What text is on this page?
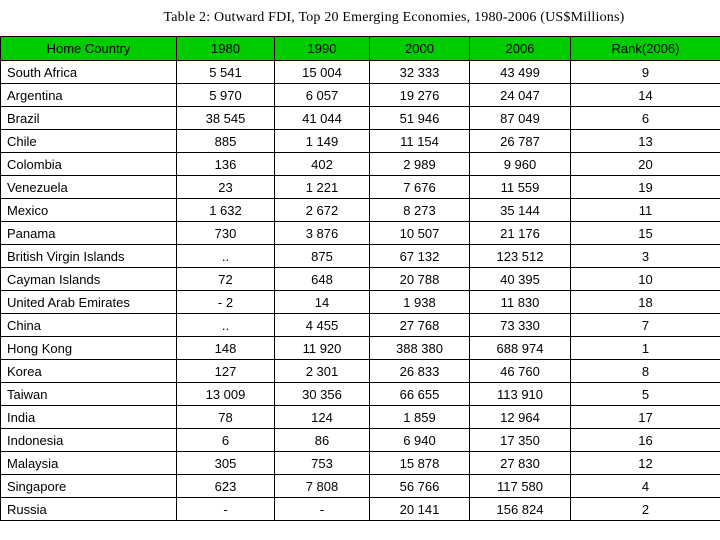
Table 2: Outward FDI, Top 20 Emerging Economies, 1980-2006 (US$Millions)
Home Country	1980	1990	2000	2006	Rank(2006)
South Africa	5 541	15 004	32 333	43 499	9
Argentina	5 970	6 057	19 276	24 047	14
Brazil	38 545	41 044	51 946	87 049	6
Chile	885	1 149	11 154	26 787	13
Colombia	136	402	2 989	9 960	20
Venezuela	23	1 221	7 676	11 559	19
Mexico	1 632	2 672	8 273	35 144	11
Panama	730	3 876	10 507	21 176	15
British Virgin Islands	..	875	67 132	123 512	3
Cayman Islands	72	648	20 788	40 395	10
United Arab Emirates	- 2	14	1 938	11 830	18
China	..	4 455	27 768	73 330	7
Hong Kong	148	11 920	388 380	688 974	1
Korea	127	2 301	26 833	46 760	8
Taiwan	13 009	30 356	66 655	113 910	5
India	78	124	1 859	12 964	17
Indonesia	6	86	6 940	17 350	16
Malaysia	305	753	15 878	27 830	12
Singapore	623	7 808	56 766	117 580	4
Russia	-	-	20 141	156 824	2
